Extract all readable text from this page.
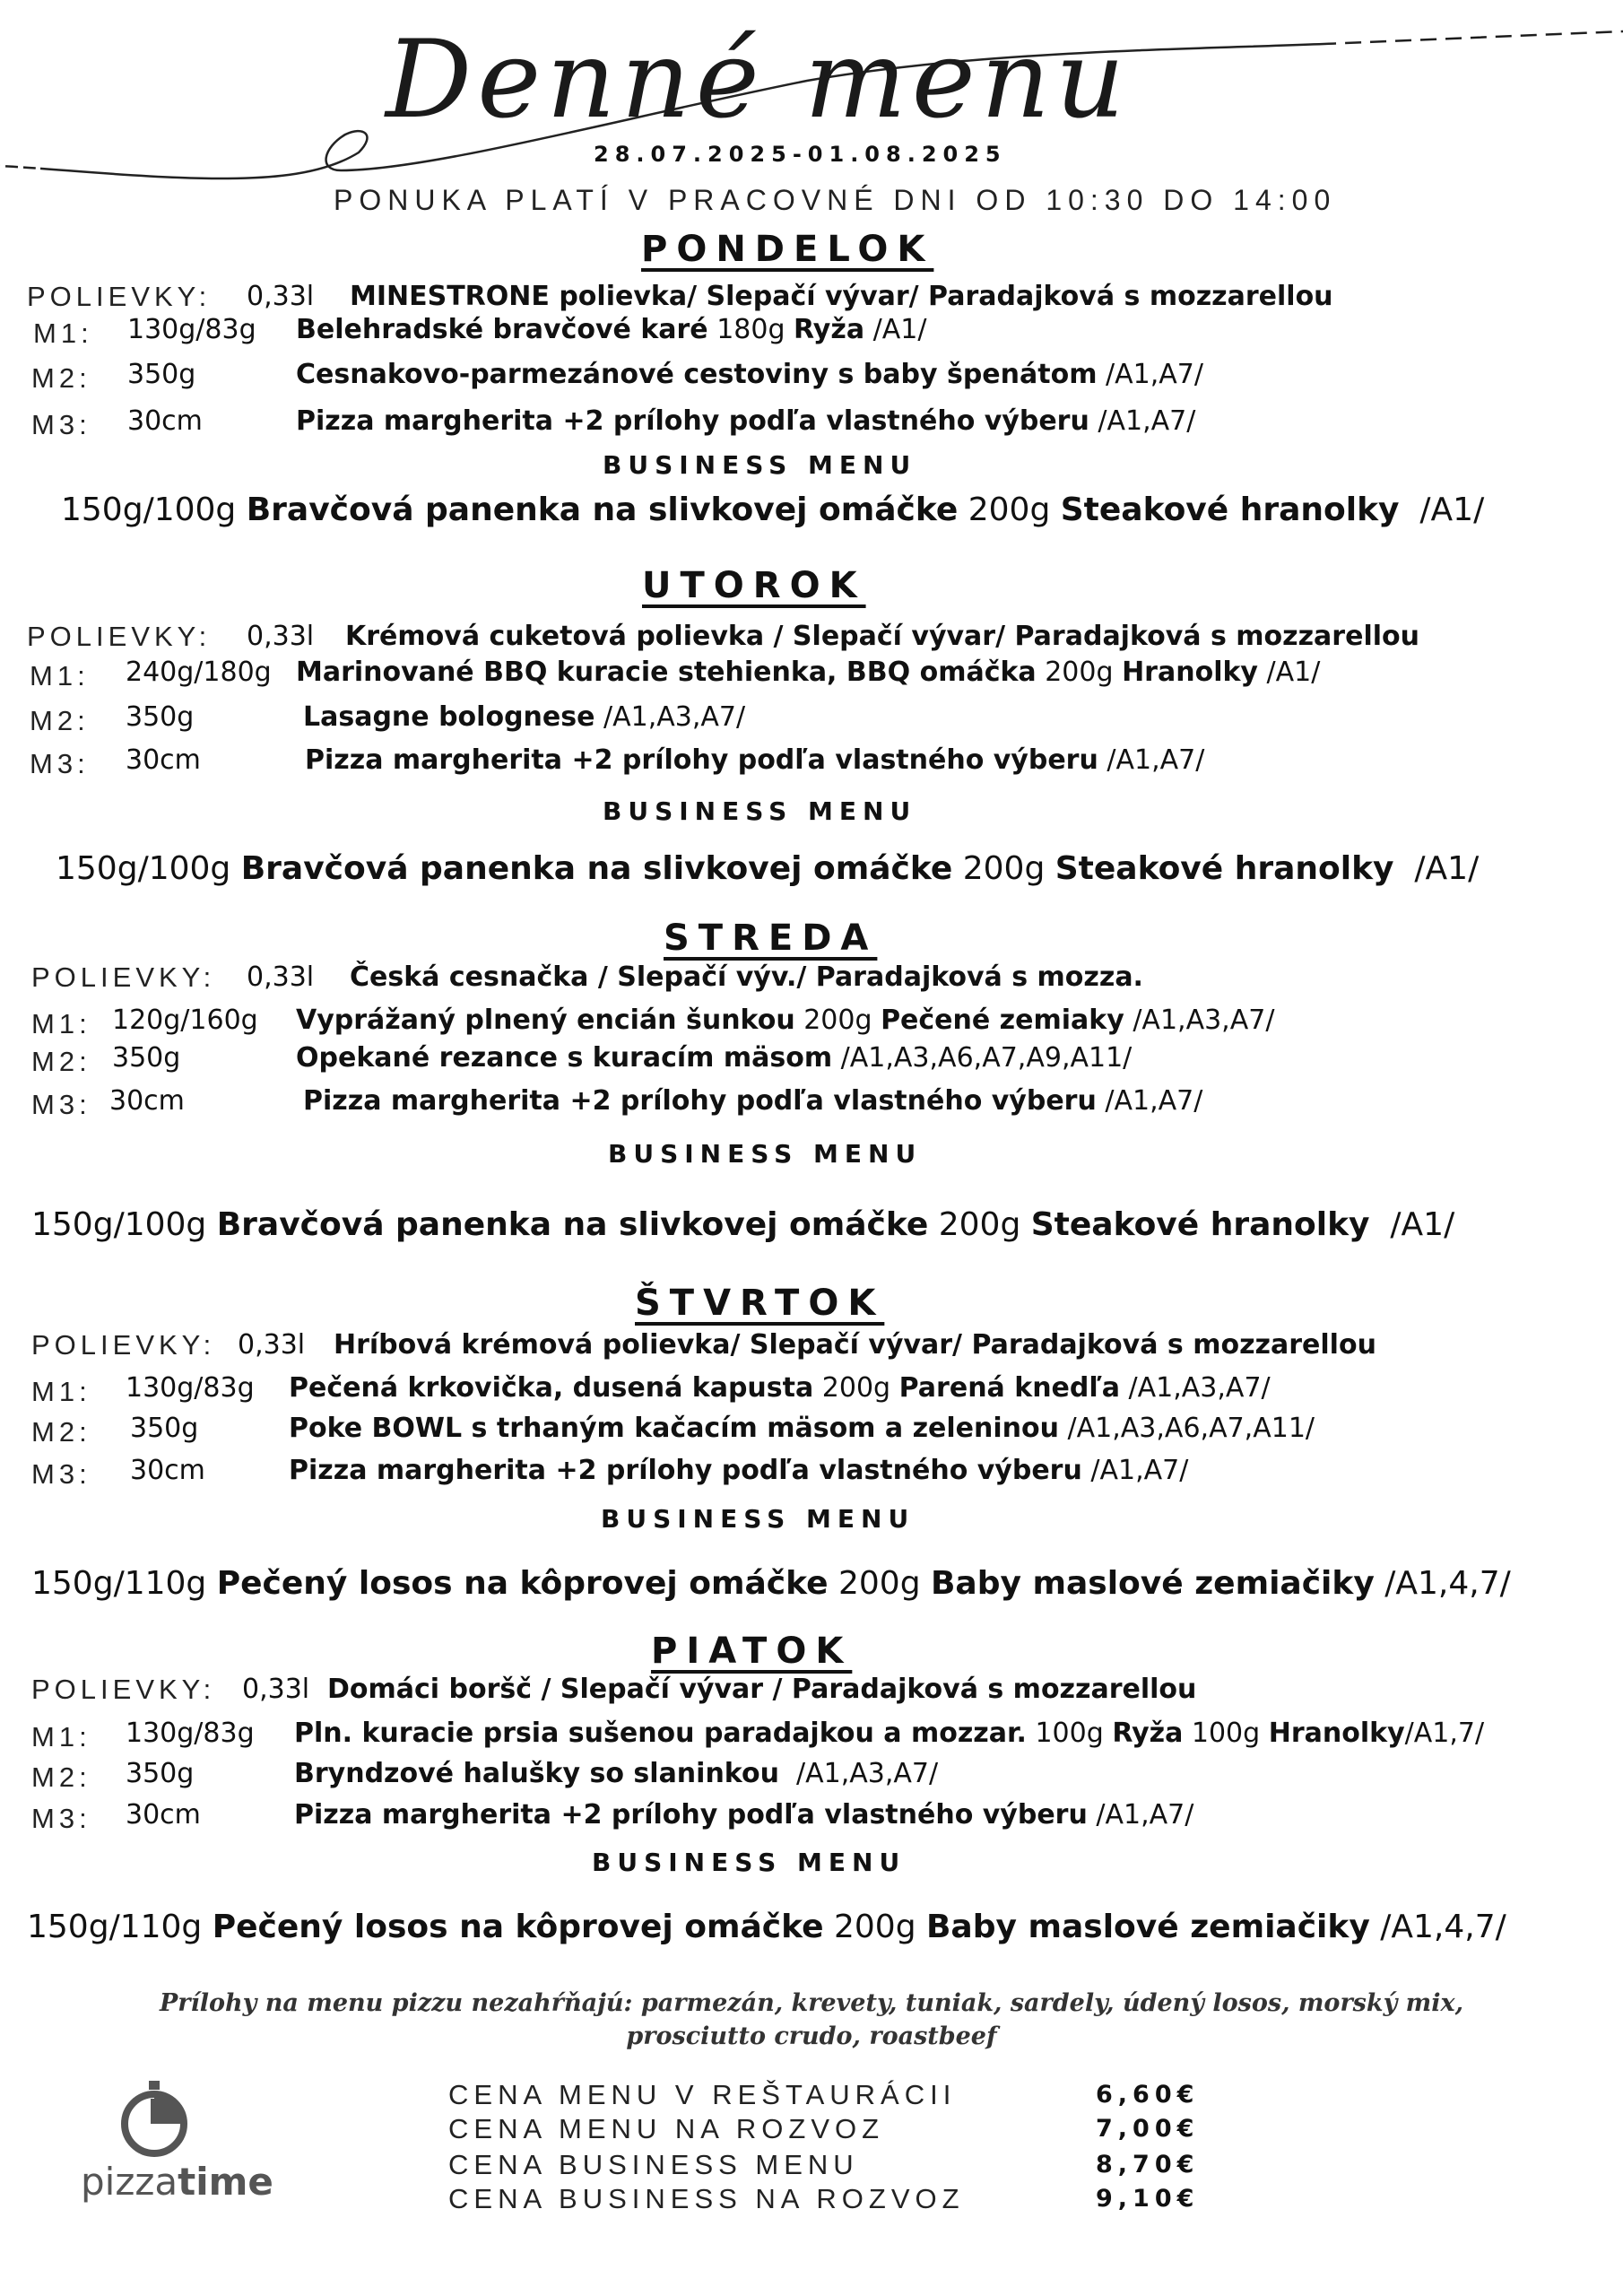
Denné menu
28.07.2025-01.08.2025
PONUKA PLATÍ V PRACOVNÉ DNI OD 10:30 DO 14:00
PONDELOK
POLIEVKY: 0,33l MINESTRONE polievka/ Slepačí vývar/ Paradajková s mozzarellou
M1: 130g/83g Belehradské bravčové karé 180g Ryža /A1/
M2: 350g	Cesnakovo-parmezánové cestoviny s baby špenátom /A1,A7/
M3: 30cm	Pizza margherita +2 prílohy podľa vlastného výberu /A1,A7/
BUSINESS MENU
150g/100g Bravčová panenka na slivkovej omáčke 200g Steakové hranolky  /A1/
UTOROK
POLIEVKY: 0,33l Krémová cuketová polievka / Slepačí vývar/ Paradajková s mozzarellou
M1: 240g/180g Marinované BBQ kuracie stehienka, BBQ omáčka 200g Hranolky /A1/
M2: 350g	Lasagne bolognese /A1,A3,A7/
M3: 30cm	Pizza margherita +2 prílohy podľa vlastného výberu /A1,A7/
BUSINESS MENU
150g/100g Bravčová panenka na slivkovej omáčke 200g Steakové hranolky  /A1/
STREDA
POLIEVKY: 0,33l Česká cesnačka / Slepačí výv./ Paradajková s mozza.
M1: 120g/160g Vyprážaný plnený encián šunkou 200g Pečené zemiaky /A1,A3,A7/
M2: 350g	Opekané rezance s kuracím mäsom /A1,A3,A6,A7,A9,A11/
M3: 30cm	Pizza margherita +2 prílohy podľa vlastného výberu /A1,A7/
BUSINESS MENU
150g/100g Bravčová panenka na slivkovej omáčke 200g Steakové hranolky  /A1/
ŠTVRTOK
POLIEVKY: 0,33l Hríbová krémová polievka/ Slepačí vývar/ Paradajková s mozzarellou
M1: 130g/83g Pečená krkovička, dusená kapusta 200g Parená knedľa /A1,A3,A7/
M2: 350g	Poke BOWL s trhaným kačacím mäsom a zeleninou /A1,A3,A6,A7,A11/
M3: 30cm	Pizza margherita +2 prílohy podľa vlastného výberu /A1,A7/
BUSINESS MENU
150g/110g Pečený losos na kôprovej omáčke 200g Baby maslové zemiačiky /A1,4,7/
PIATOK
POLIEVKY: 0,33l Domáci boršč / Slepačí vývar / Paradajková s mozzarellou
M1: 130g/83g Pln. kuracie prsia sušenou paradajkou a mozzar. 100g Ryža 100g Hranolky/A1,7/
M2: 350g	Bryndzové halušky so slaninkou  /A1,A3,A7/
M3: 30cm	Pizza margherita +2 prílohy podľa vlastného výberu /A1,A7/
BUSINESS MENU
150g/110g Pečený losos na kôprovej omáčke 200g Baby maslové zemiačiky /A1,4,7/
Prílohy na menu pizzu nezahŕňajú: parmezán, krevety, tuniak, sardely, údený losos, morský mix,
prosciutto crudo, roastbeef
pizzatime
CENA MENU V REŠTAURÁCII	6,60€
CENA MENU NA ROZVOZ	7,00€
CENA BUSINESS MENU	8,70€
CENA BUSINESS NA ROZVOZ	9,10€
